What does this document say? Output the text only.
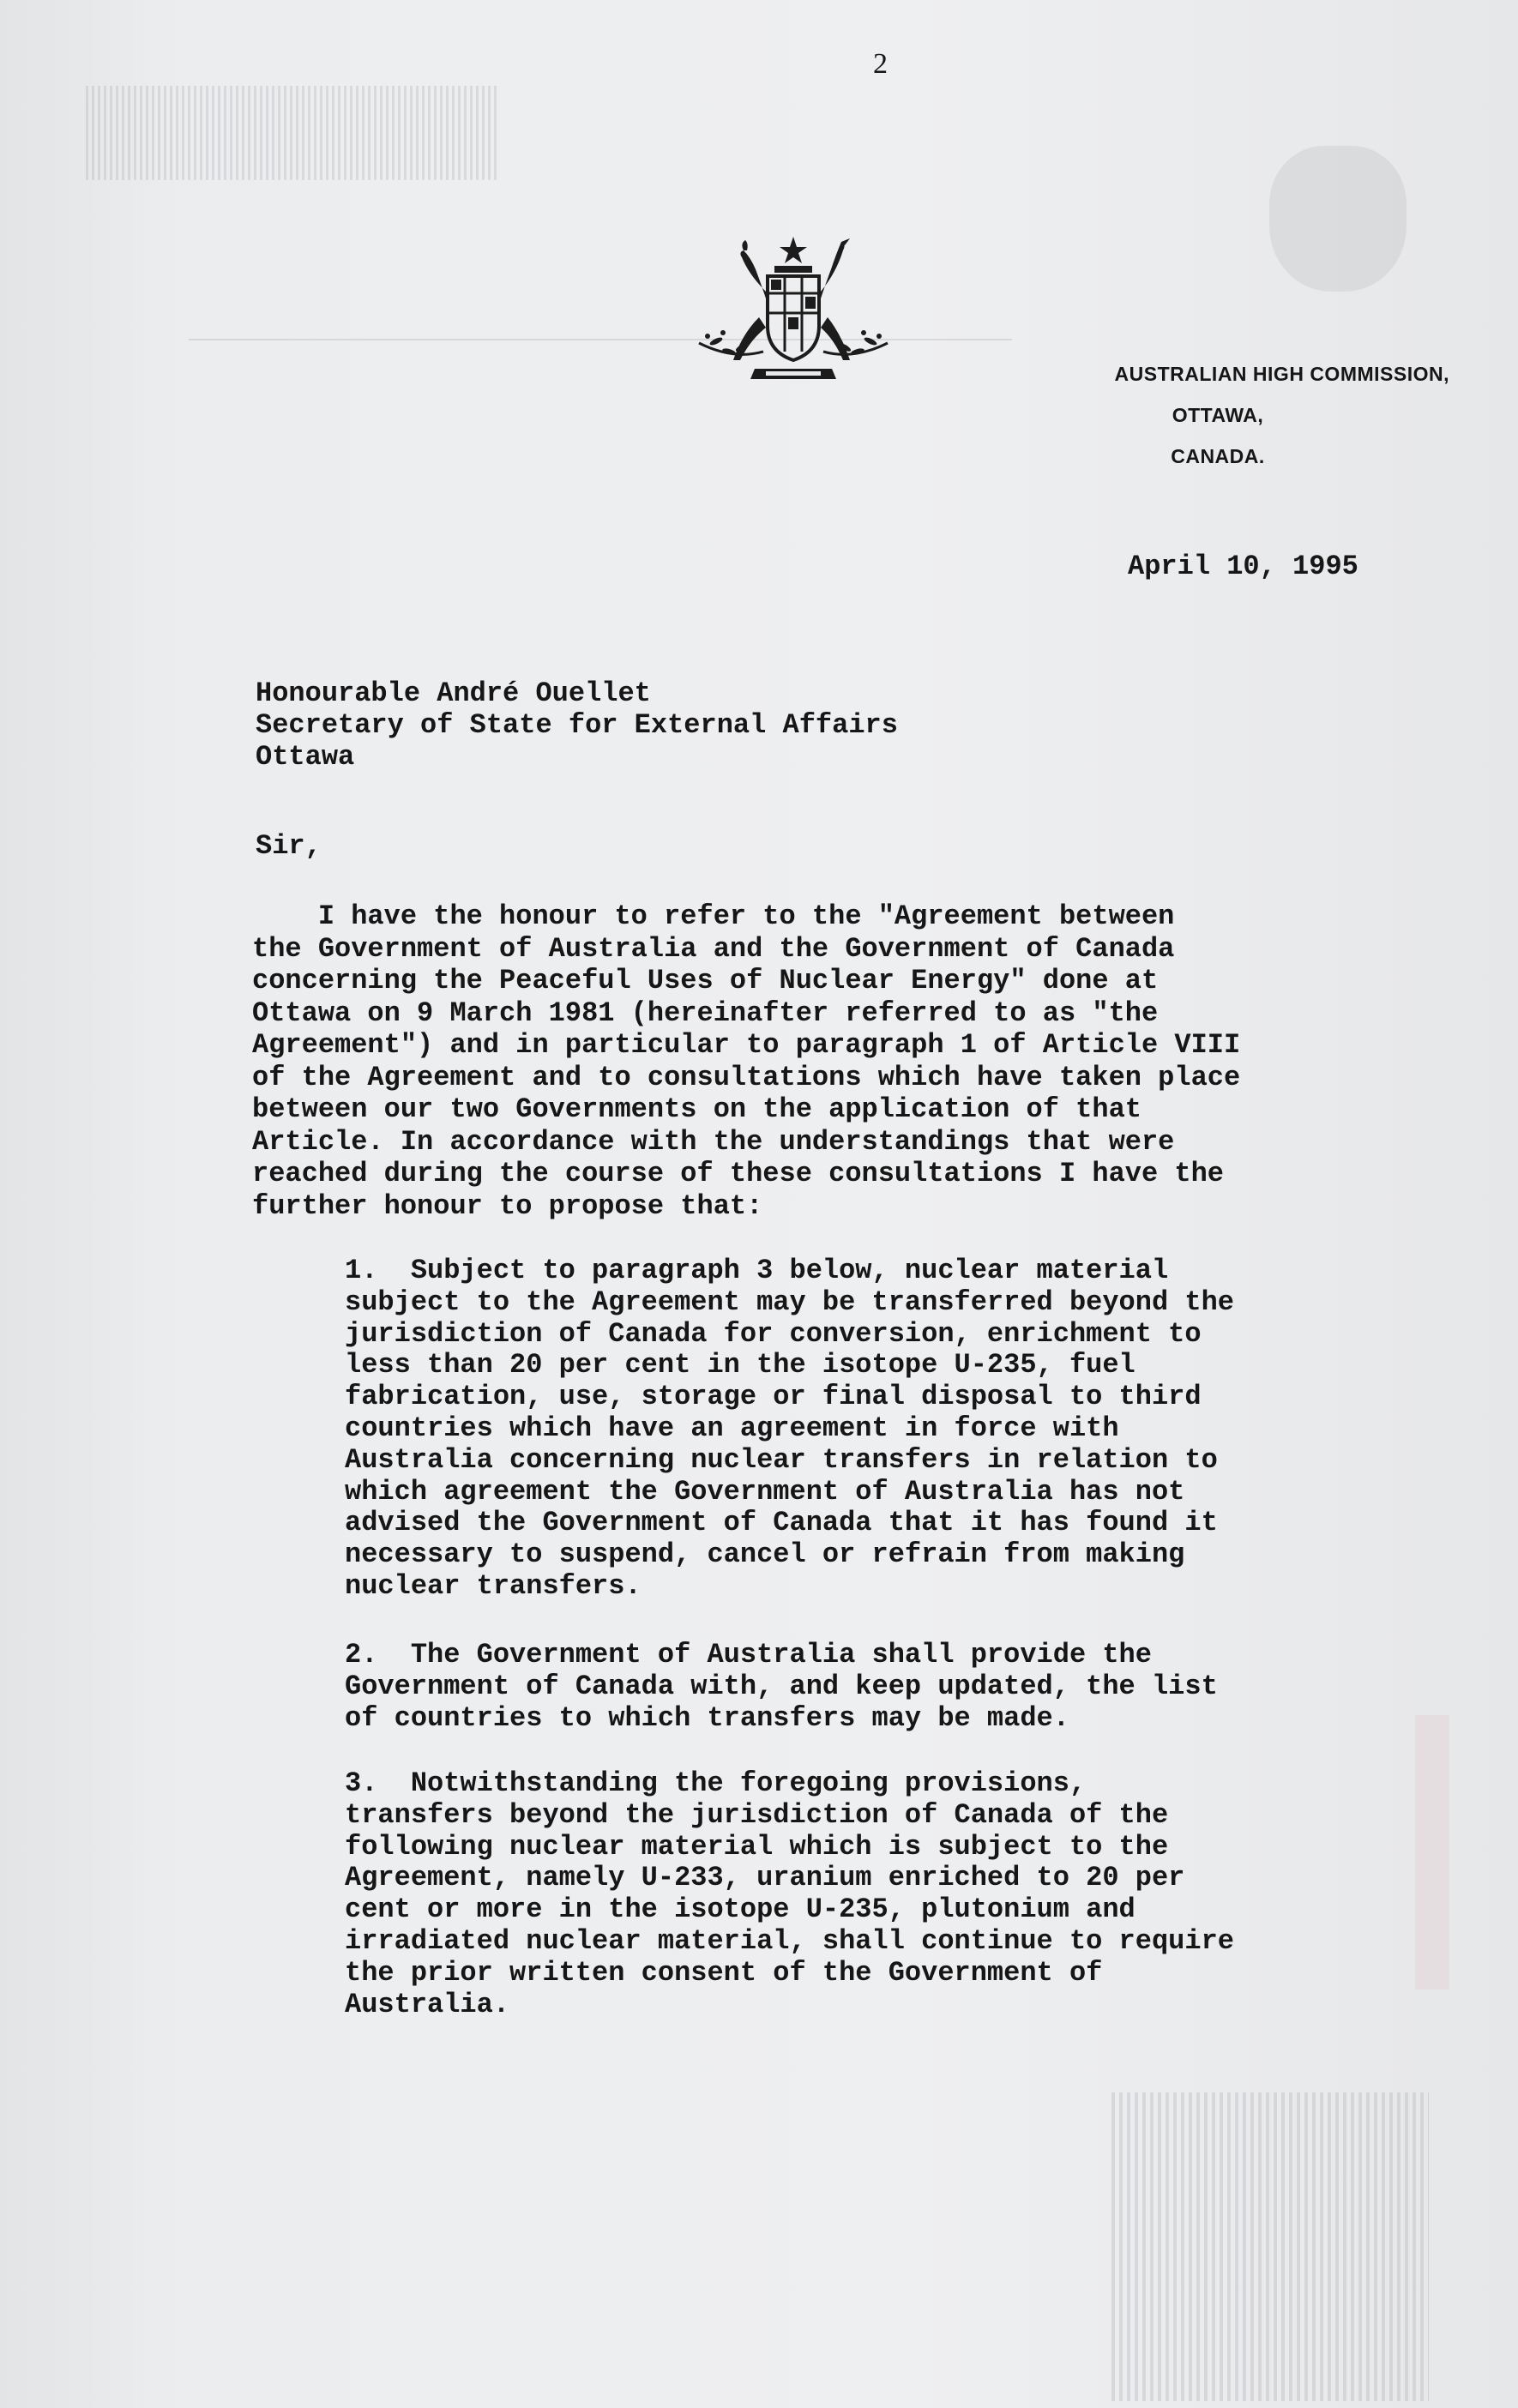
2
AUSTRALIAN HIGH COMMISSION,
OTTAWA,
CANADA.
April 10, 1995
Honourable André Ouellet
Secretary of State for External Affairs
Ottawa
Sir,
I have the honour to refer to the "Agreement between
the Government of Australia and the Government of Canada
concerning the Peaceful Uses of Nuclear Energy" done at
Ottawa on 9 March 1981 (hereinafter referred to as "the
Agreement") and in particular to paragraph 1 of Article VIII
of the Agreement and to consultations which have taken place
between our two Governments on the application of that
Article. In accordance with the understandings that were
reached during the course of these consultations I have the
further honour to propose that:
1.  Subject to paragraph 3 below, nuclear material
subject to the Agreement may be transferred beyond the
jurisdiction of Canada for conversion, enrichment to
less than 20 per cent in the isotope U-235, fuel
fabrication, use, storage or final disposal to third
countries which have an agreement in force with
Australia concerning nuclear transfers in relation to
which agreement the Government of Australia has not
advised the Government of Canada that it has found it
necessary to suspend, cancel or refrain from making
nuclear transfers.
2.  The Government of Australia shall provide the
Government of Canada with, and keep updated, the list
of countries to which transfers may be made.
3.  Notwithstanding the foregoing provisions,
transfers beyond the jurisdiction of Canada of the
following nuclear material which is subject to the
Agreement, namely U-233, uranium enriched to 20 per
cent or more in the isotope U-235, plutonium and
irradiated nuclear material, shall continue to require
the prior written consent of the Government of
Australia.
